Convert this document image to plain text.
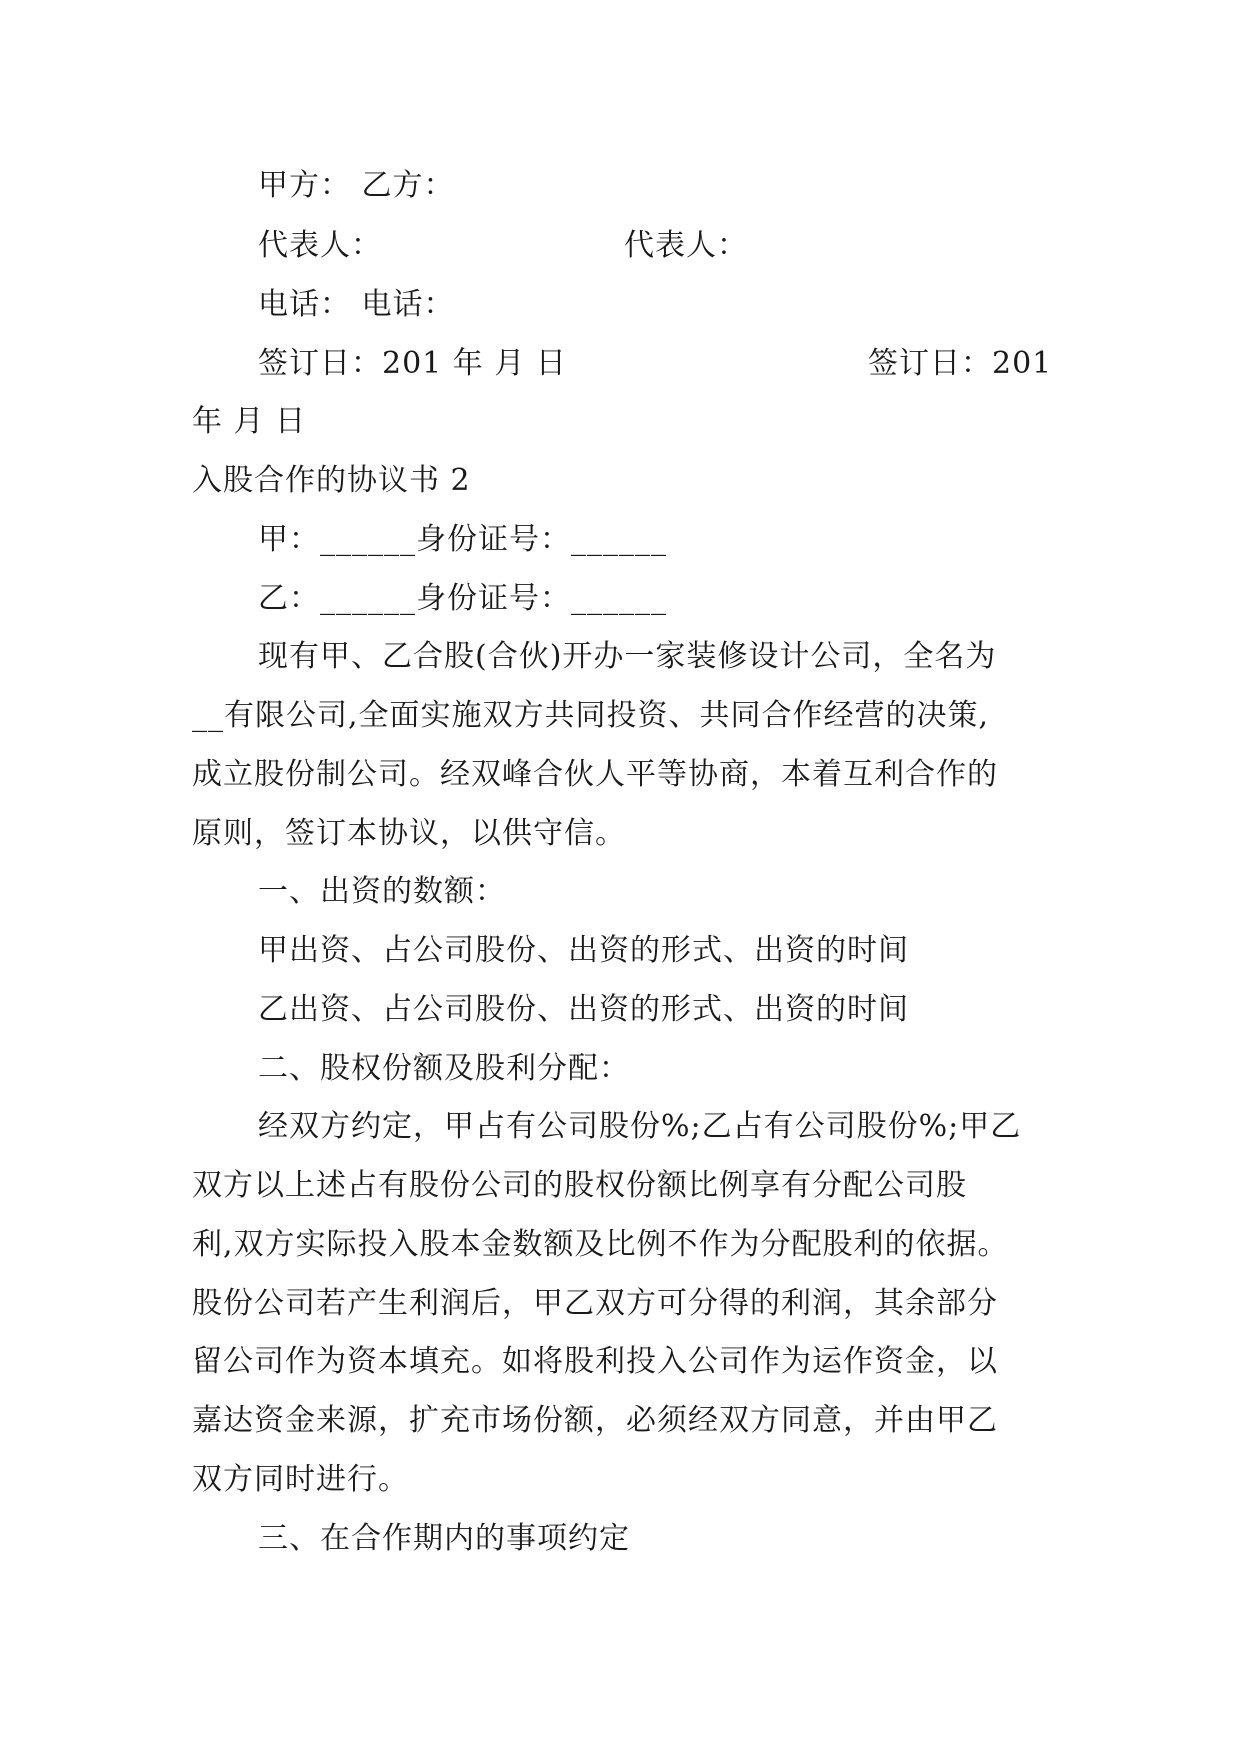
甲方： 乙方：
代表人：	代表人：
电话： 电话：
签订日：201 年 月 日	签订日：201
年 月 日
入股合作的协议书 2
甲：______身份证号：______
乙：______身份证号：______
现有甲、乙合股(合伙)开办一家装修设计公司，全名为
__有限公司,全面实施双方共同投资、共同合作经营的决策,
成立股份制公司。经双峰合伙人平等协商，本着互利合作的
原则，签订本协议，以供守信。
一、出资的数额：
甲出资、占公司股份、出资的形式、出资的时间
乙出资、占公司股份、出资的形式、出资的时间
二、股权份额及股利分配：
经双方约定，甲占有公司股份%;乙占有公司股份%;甲乙
双方以上述占有股份公司的股权份额比例享有分配公司股
利,双方实际投入股本金数额及比例不作为分配股利的依据。
股份公司若产生利润后，甲乙双方可分得的利润，其余部分
留公司作为资本填充。如将股利投入公司作为运作资金，以
嘉达资金来源，扩充市场份额，必须经双方同意，并由甲乙
双方同时进行。
三、在合作期内的事项约定
